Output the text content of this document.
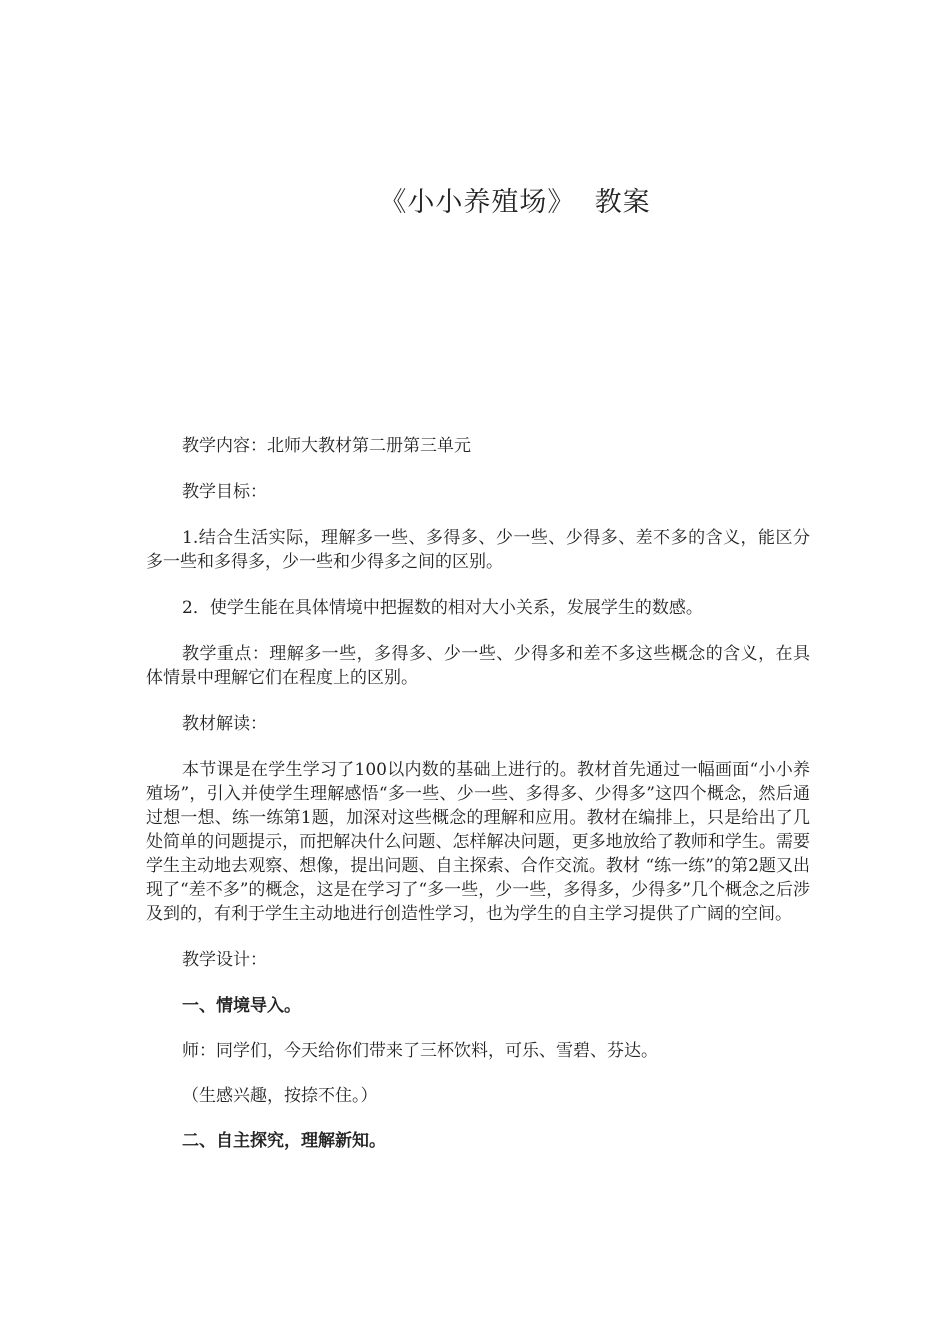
《小小养殖场》  教案

教学内容：北师大教材第二册第三单元

教学目标：

1.结合生活实际，理解多一些、多得多、少一些、少得多、差不多的含义，能区分多一些和多得多，少一些和少得多之间的区别。

2．使学生能在具体情境中把握数的相对大小关系，发展学生的数感。

教学重点：理解多一些，多得多、少一些、少得多和差不多这些概念的含义，在具体情景中理解它们在程度上的区别。

教材解读：

本节课是在学生学习了100以内数的基础上进行的。教材首先通过一幅画面“小小养殖场”，引入并使学生理解感悟“多一些、少一些、多得多、少得多”这四个概念，然后通过想一想、练一练第1题，加深对这些概念的理解和应用。教材在编排上，只是给出了几处简单的问题提示，而把解决什么问题、怎样解决问题，更多地放给了教师和学生。需要学生主动地去观察、想像，提出问题、自主探索、合作交流。教材 “练一练”的第2题又出现了“差不多”的概念，这是在学习了“多一些，少一些，多得多，少得多”几个概念之后涉及到的，有利于学生主动地进行创造性学习，也为学生的自主学习提供了广阔的空间。

教学设计：

一、情境导入。

师：同学们，今天给你们带来了三杯饮料，可乐、雪碧、芬达。

（生感兴趣，按捺不住。）

二、自主探究，理解新知。
